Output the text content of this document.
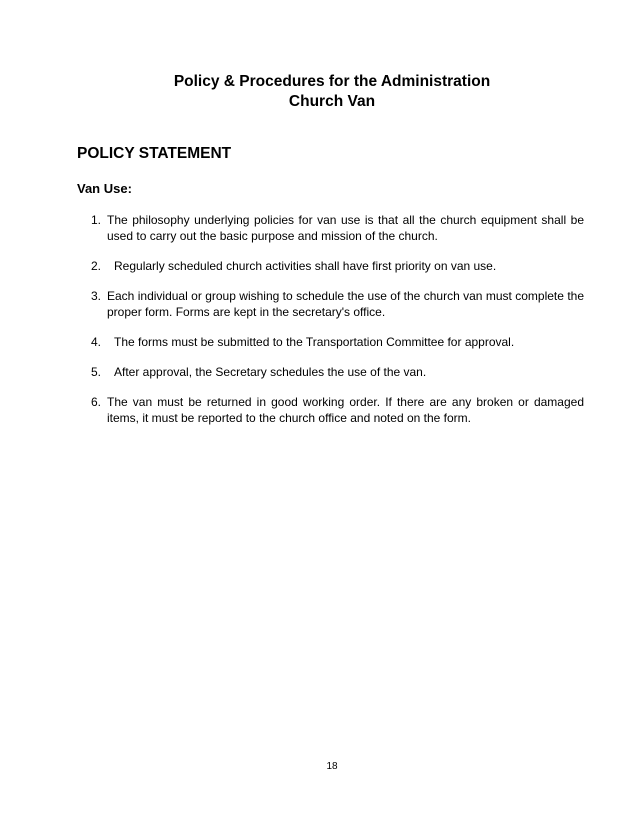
Policy & Procedures for the Administration
Church Van
POLICY STATEMENT
Van Use:
1. The philosophy underlying policies for van use is that all the church equipment shall be used to carry out the basic purpose and mission of the church.
2.	Regularly scheduled church activities shall have first priority on van use.
3. Each individual or group wishing to schedule the use of the church van must complete the proper form. Forms are kept in the secretary's office.
4.	The forms must be submitted to the Transportation Committee for approval.
5.	After approval, the Secretary schedules the use of the van.
6. The van must be returned in good working order. If there are any broken or damaged items, it must be reported to the church office and noted on the form.
18
